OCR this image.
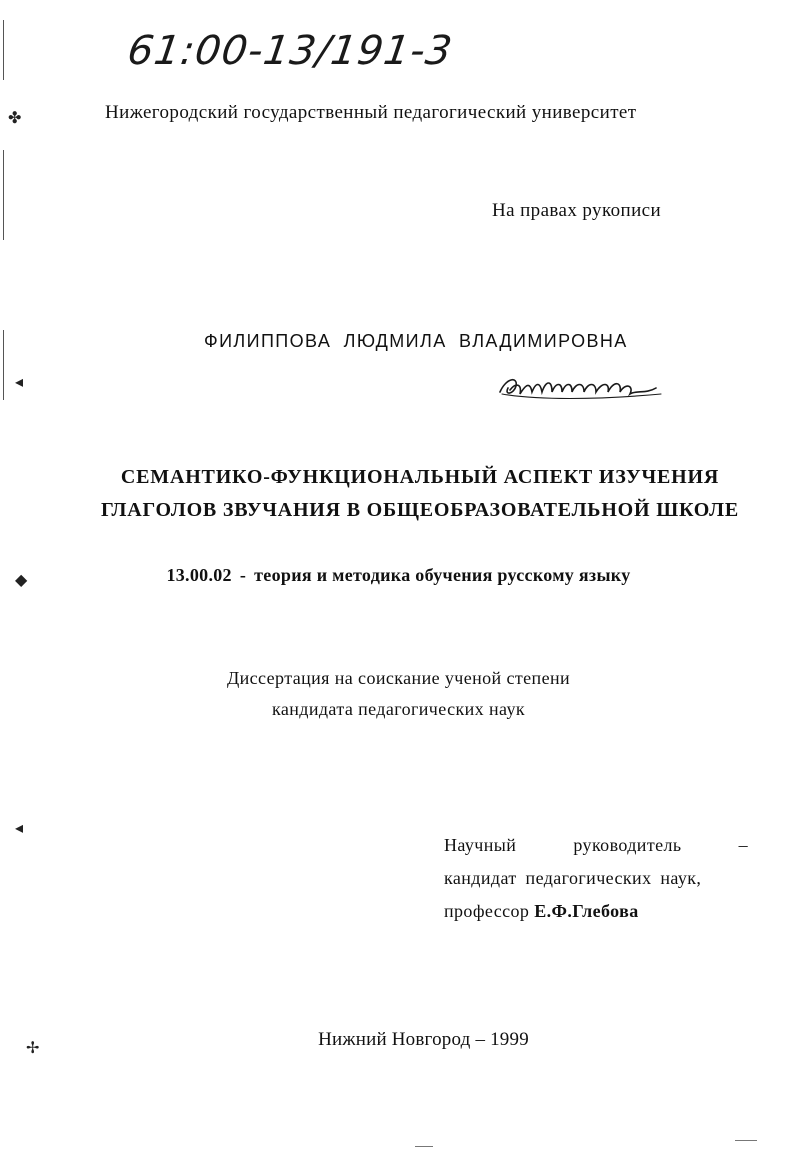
✤
◂
◆
◂
✢
61:00-13/191-3
Нижегородский государственный педагогический университет
На правах рукописи
ФИЛИППОВА ЛЮДМИЛА ВЛАДИМИРОВНА
СЕМАНТИКО-ФУНКЦИОНАЛЬНЫЙ АСПЕКТ ИЗУЧЕНИЯ
ГЛАГОЛОВ ЗВУЧАНИЯ В ОБЩЕОБРАЗОВАТЕЛЬНОЙ ШКОЛЕ
13.00.02 - теория и методика обучения русскому языку
Диссертация на соискание ученой степени
кандидата педагогических наук
Научный	руководитель	–
кандидат педагогических наук,
профессор Е.Ф.Глебова
Нижний Новгород – 1999
